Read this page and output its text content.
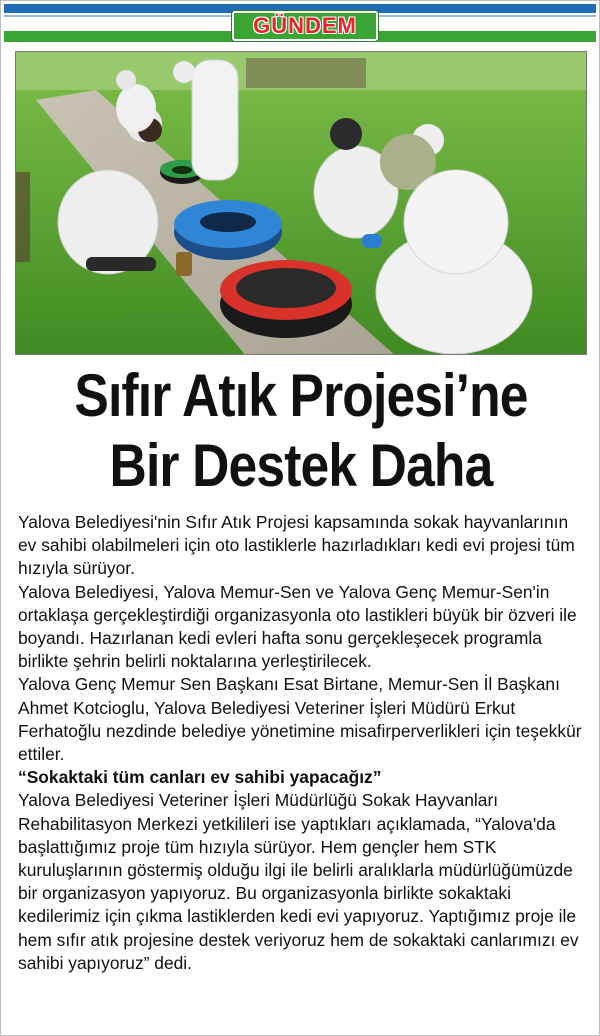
GÜNDEM
Sıfır Atık Projesi’ne
Bir Destek Daha

Yalova Belediyesi'nin Sıfır Atık Projesi kapsamında sokak hayvanlarının ev sahibi olabilmeleri için oto lastiklerle hazırladıkları kedi evi projesi tüm hızıyla sürüyor.

Yalova Belediyesi, Yalova Memur-Sen ve Yalova Genç Memur-Sen'in ortaklaşa gerçekleştirdiği organizasyonla oto lastikleri büyük bir özveri ile boyandı. Hazırlanan kedi evleri hafta sonu gerçekleşecek programla birlikte şehrin belirli noktalarına yerleştirilecek.

Yalova Genç Memur Sen Başkanı Esat Birtane, Memur-Sen İl Başkanı Ahmet Kotcioglu, Yalova Belediyesi Veteriner İşleri Müdürü Erkut Ferhatoğlu nezdinde belediye yönetimine misafirperverlikleri için teşekkür ettiler.

“Sokaktaki tüm canları ev sahibi yapacağız”

Yalova Belediyesi Veteriner İşleri Müdürlüğü Sokak Hayvanları Rehabilitasyon Merkezi yetkilileri ise yaptıkları açıklamada, “Yalova'da başlattığımız proje tüm hızıyla sürüyor. Hem gençler hem STK kuruluşlarının göstermiş olduğu ilgi ile belirli aralıklarla müdürlüğümüzde bir organizasyon yapıyoruz. Bu organizasyonla birlikte sokaktaki kedilerimiz için çıkma lastiklerden kedi evi yapıyoruz. Yaptığımız proje ile hem sıfır atık projesine destek veriyoruz hem de sokaktaki canlarımızı ev sahibi yapıyoruz” dedi.
